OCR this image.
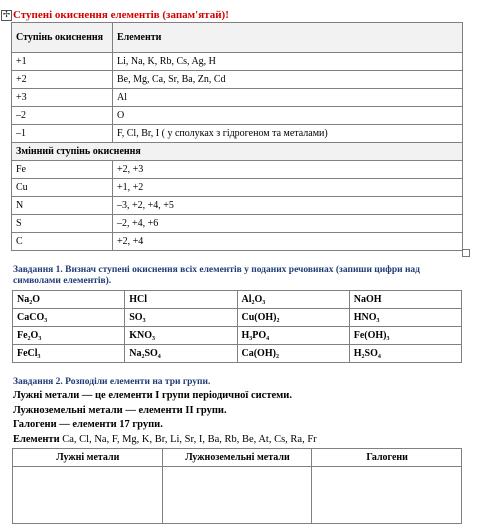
✢ Ступені окиснення елементів (запам'ятай)!
Ступінь окиснення	Елементи
+1	Li, Na, K, Rb, Cs, Ag, H
+2	Be, Mg, Ca, Sr, Ba, Zn, Cd
+3	Al
–2	O
–1	F, Cl, Br, I ( у сполуках з гідрогеном та металами)
Змінний ступінь окиснення	
Fe	+2, +3
Cu	+1, +2
N	–3, +2, +4, +5
S	–2, +4, +6
C	+2, +4
Завдання 1. Визнач ступені окиснення всіх елементів у поданих речовинах (запиши цифри над символами елементів).
Na₂O	HCl	Al₂O₃	NaOH
CaCO₃	SO₃	Cu(OH)₂	HNO₃
Fe₂O₃	KNO₃	H₃PO₄	Fe(OH)₃
FeCl₃	Na₂SO₄	Ca(OH)₂	H₂SO₄
Завдання 2. Розподіли елементи на три групи.
Лужні метали — це елементи I групи періодичної системи.
Лужноземельні метали — елементи II групи.
Галогени — елементи 17 групи.
Елементи Ca, Cl, Na, F, Mg, K, Br, Li, Sr, I, Ba, Rb, Be, At, Cs, Ra, Fr
Лужні метали	Лужноземельні метали	Галогени
